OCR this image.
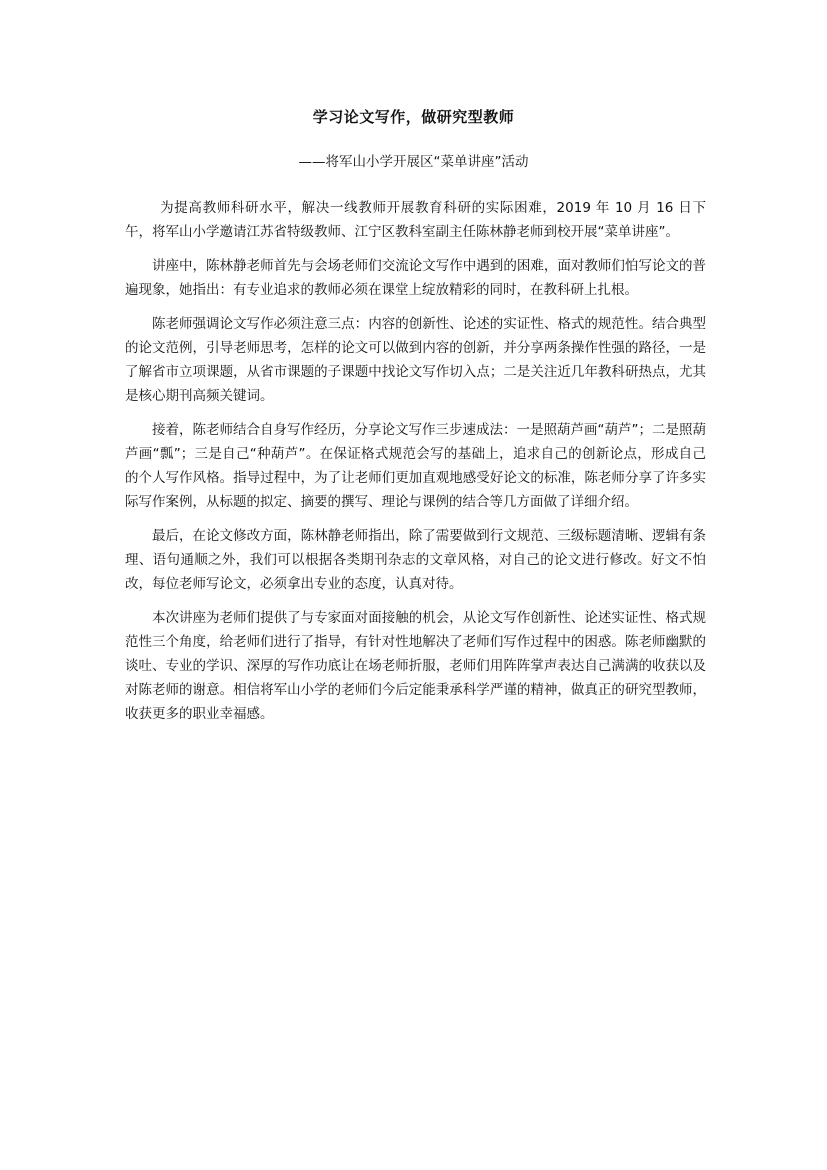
学习论文写作，做研究型教师
——将军山小学开展区“菜单讲座”活动

为提高教师科研水平，解决一线教师开展教育科研的实际困难，2019 年 10 月 16 日下午，将军山小学邀请江苏省特级教师、江宁区教科室副主任陈林静老师到校开展“菜单讲座”。

讲座中，陈林静老师首先与会场老师们交流论文写作中遇到的困难，面对教师们怕写论文的普遍现象，她指出：有专业追求的教师必须在课堂上绽放精彩的同时，在教科研上扎根。

陈老师强调论文写作必须注意三点：内容的创新性、论述的实证性、格式的规范性。结合典型的论文范例，引导老师思考，怎样的论文可以做到内容的创新，并分享两条操作性强的路径，一是了解省市立项课题，从省市课题的子课题中找论文写作切入点；二是关注近几年教科研热点，尤其是核心期刊高频关键词。

接着，陈老师结合自身写作经历，分享论文写作三步速成法：一是照葫芦画“葫芦”；二是照葫芦画“瓢”；三是自己“种葫芦”。在保证格式规范会写的基础上，追求自己的创新论点，形成自己的个人写作风格。指导过程中，为了让老师们更加直观地感受好论文的标准，陈老师分享了许多实际写作案例，从标题的拟定、摘要的撰写、理论与课例的结合等几方面做了详细介绍。

最后，在论文修改方面，陈林静老师指出，除了需要做到行文规范、三级标题清晰、逻辑有条理、语句通顺之外，我们可以根据各类期刊杂志的文章风格，对自己的论文进行修改。好文不怕改，每位老师写论文，必须拿出专业的态度，认真对待。

本次讲座为老师们提供了与专家面对面接触的机会，从论文写作创新性、论述实证性、格式规范性三个角度，给老师们进行了指导，有针对性地解决了老师们写作过程中的困惑。陈老师幽默的谈吐、专业的学识、深厚的写作功底让在场老师折服，老师们用阵阵掌声表达自己满满的收获以及对陈老师的谢意。相信将军山小学的老师们今后定能秉承科学严谨的精神，做真正的研究型教师，收获更多的职业幸福感。
